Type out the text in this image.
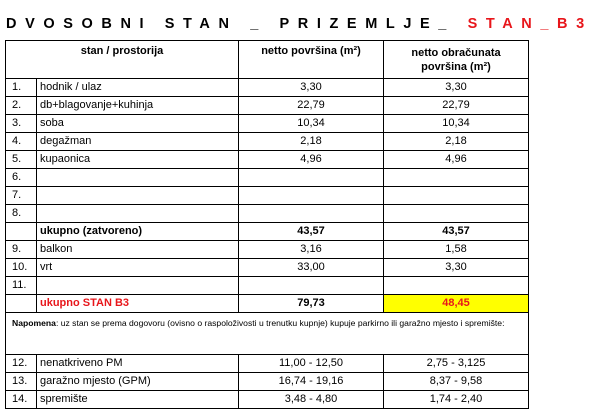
DVOSOBNI STAN _ PRIZEMLJE_ STAN_B3
stan / prostorija		netto površina (m²)	netto obračunata površina (m²)
1.	hodnik / ulaz	3,30	3,30
2.	db+blagovanje+kuhinja	22,79	22,79
3.	soba	10,34	10,34
4.	degažman	2,18	2,18
5.	kupaonica	4,96	4,96
6.			
7.			
8.			
	ukupno (zatvoreno)	43,57	43,57
9.	balkon	3,16	1,58
10.	vrt	33,00	3,30
11.			
	ukupno STAN B3	79,73	48,45
Napomena: uz stan se prema dogovoru (ovisno o raspoloživosti u trenutku kupnje) kupuje parkirno ili garažno mjesto i spremište:			
12.	nenatkriveno PM	11,00 - 12,50	2,75 - 3,125
13.	garažno mjesto (GPM)	16,74 - 19,16	8,37 - 9,58
14.	spremište	3,48 - 4,80	1,74 - 2,40
